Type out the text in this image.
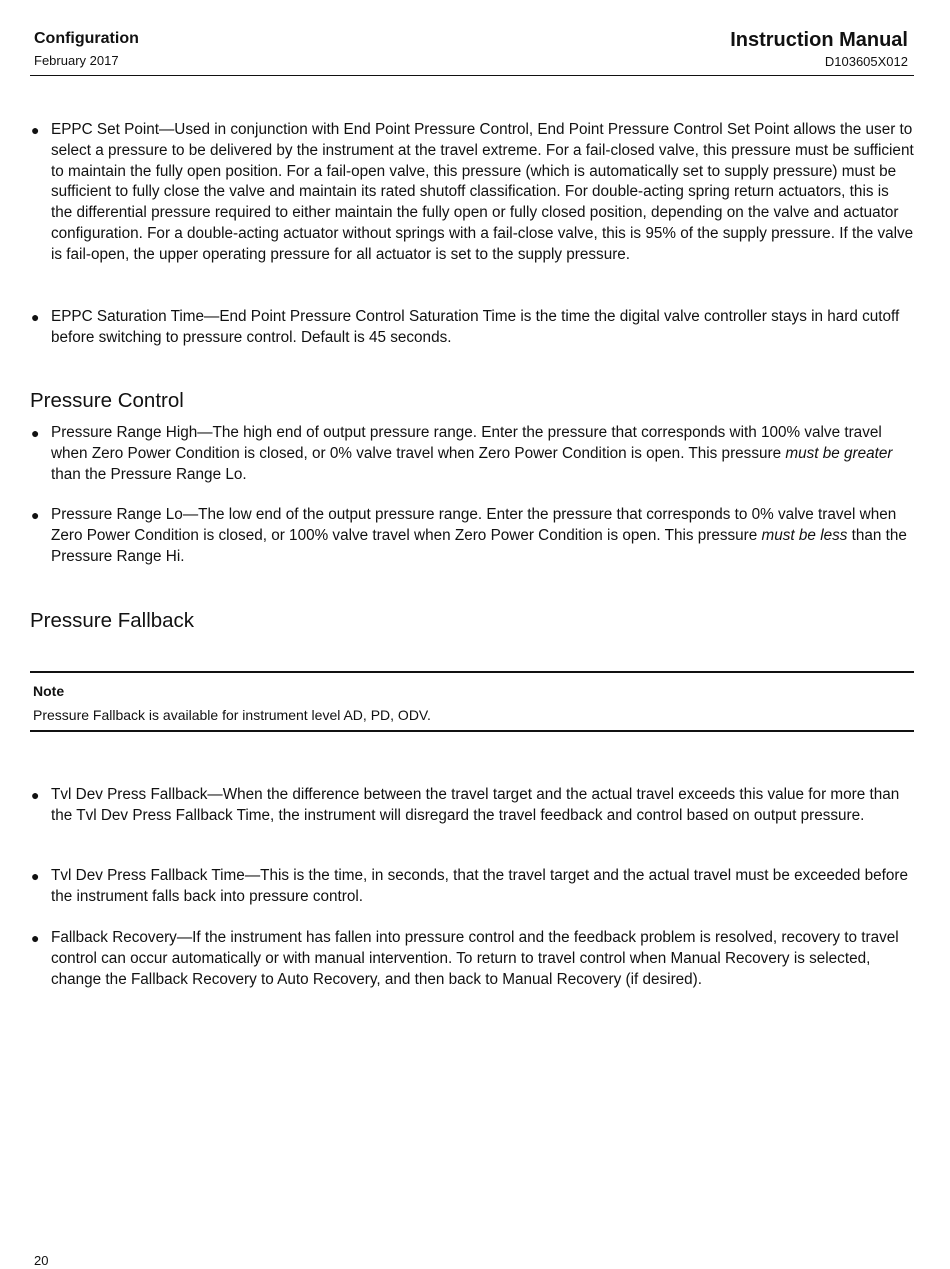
Configuration
February 2017
Instruction Manual
D103605X012
● EPPC Set Point—Used in conjunction with End Point Pressure Control, End Point Pressure Control Set Point allows the user to select a pressure to be delivered by the instrument at the travel extreme. For a fail-closed valve, this pressure must be sufficient to maintain the fully open position. For a fail-open valve, this pressure (which is automatically set to supply pressure) must be sufficient to fully close the valve and maintain its rated shutoff classification. For double-acting spring return actuators, this is the differential pressure required to either maintain the fully open or fully closed position, depending on the valve and actuator configuration. For a double-acting actuator without springs with a fail-close valve, this is 95% of the supply pressure. If the valve is fail-open, the upper operating pressure for all actuator is set to the supply pressure.
● EPPC Saturation Time—End Point Pressure Control Saturation Time is the time the digital valve controller stays in hard cutoff before switching to pressure control. Default is 45 seconds.
Pressure Control
● Pressure Range High—The high end of output pressure range. Enter the pressure that corresponds with 100% valve travel when Zero Power Condition is closed, or 0% valve travel when Zero Power Condition is open. This pressure must be greater than the Pressure Range Lo.
● Pressure Range Lo—The low end of the output pressure range. Enter the pressure that corresponds to 0% valve travel when Zero Power Condition is closed, or 100% valve travel when Zero Power Condition is open. This pressure must be less than the Pressure Range Hi.
Pressure Fallback
Note
Pressure Fallback is available for instrument level AD, PD, ODV.
● Tvl Dev Press Fallback—When the difference between the travel target and the actual travel exceeds this value for more than the Tvl Dev Press Fallback Time, the instrument will disregard the travel feedback and control based on output pressure.
● Tvl Dev Press Fallback Time—This is the time, in seconds, that the travel target and the actual travel must be exceeded before the instrument falls back into pressure control.
● Fallback Recovery—If the instrument has fallen into pressure control and the feedback problem is resolved, recovery to travel control can occur automatically or with manual intervention. To return to travel control when Manual Recovery is selected, change the Fallback Recovery to Auto Recovery, and then back to Manual Recovery (if desired).
20
